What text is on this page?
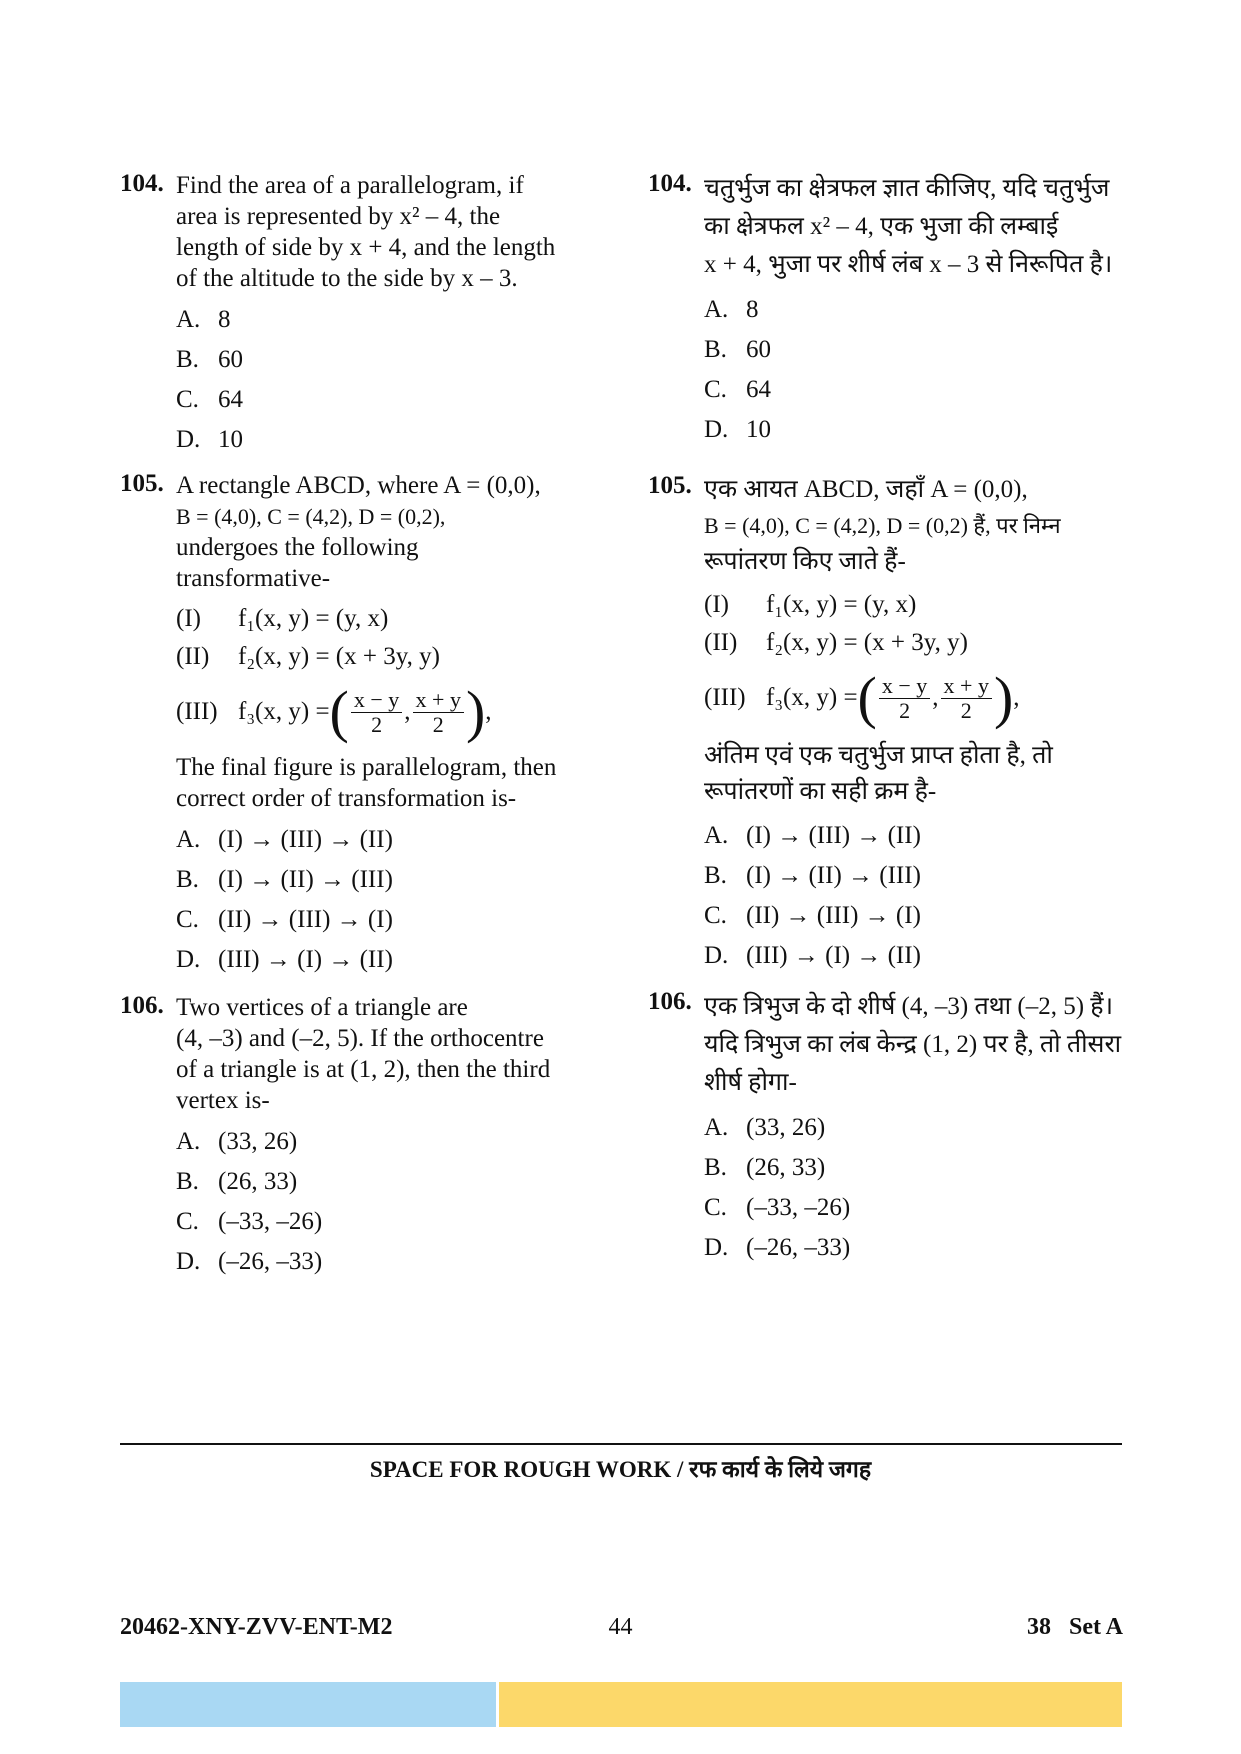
104. Find the area of a parallelogram, if

area is represented by x² – 4, the

length of side by x + 4, and the length

of the altitude to the side by x – 3.

A. 8
B. 60
C. 64
D. 10
105. A rectangle ABCD, where A = (0,0),

B = (4,0), C = (4,2), D = (0,2),

undergoes the following

transformative-

(I)	f₁(x, y) = (y, x)
(II)	f₂(x, y) = (x + 3y, y)
(III) f₃(x, y) = ( $\frac{x - y}{2}$ , $\frac{x + y}{2}$ ) ,

The final figure is parallelogram, then

correct order of transformation is-

A. (I) → (III) → (II)
B. (I) → (II) → (III)
C. (II) → (III) → (I)
D. (III) → (I) → (II)
106. Two vertices of a triangle are

(4, –3) and (–2, 5). If the orthocentre

of a triangle is at (1, 2), then the third

vertex is-

A. (33, 26)
B. (26, 33)
C. (–33, –26)
D. (–26, –33)
104. चतुर्भुज का क्षेत्रफल ज्ञात कीजिए, यदि चतुर्भुज

का क्षेत्रफल x² – 4, एक भुजा की लम्बाई

x + 4, भुजा पर शीर्ष लंब x – 3 से निरूपित है।

A. 8
B. 60
C. 64
D. 10
105. एक आयत ABCD, जहाँ A = (0,0),

B = (4,0), C = (4,2), D = (0,2) हैं, पर निम्न

रूपांतरण किए जाते हैं-

(I)	f₁(x, y) = (y, x)
(II)	f₂(x, y) = (x + 3y, y)
(III) f₃(x, y) = ( $\frac{x - y}{2}$ , $\frac{x + y}{2}$ ) ,

अंतिम एवं एक चतुर्भुज प्राप्त होता है, तो

रूपांतरणों का सही क्रम है-

A. (I) → (III) → (II)
B. (I) → (II) → (III)
C. (II) → (III) → (I)
D. (III) → (I) → (II)
106. एक त्रिभुज के दो शीर्ष (4, –3) तथा (–2, 5) हैं।

यदि त्रिभुज का लंब केन्द्र (1, 2) पर है, तो तीसरा

शीर्ष होगा-

A. (33, 26)
B. (26, 33)
C. (–33, –26)
D. (–26, –33)
SPACE FOR ROUGH WORK / रफ कार्य के लिये जगह
20462-XNY-ZVV-ENT-M2	44	38   Set A
